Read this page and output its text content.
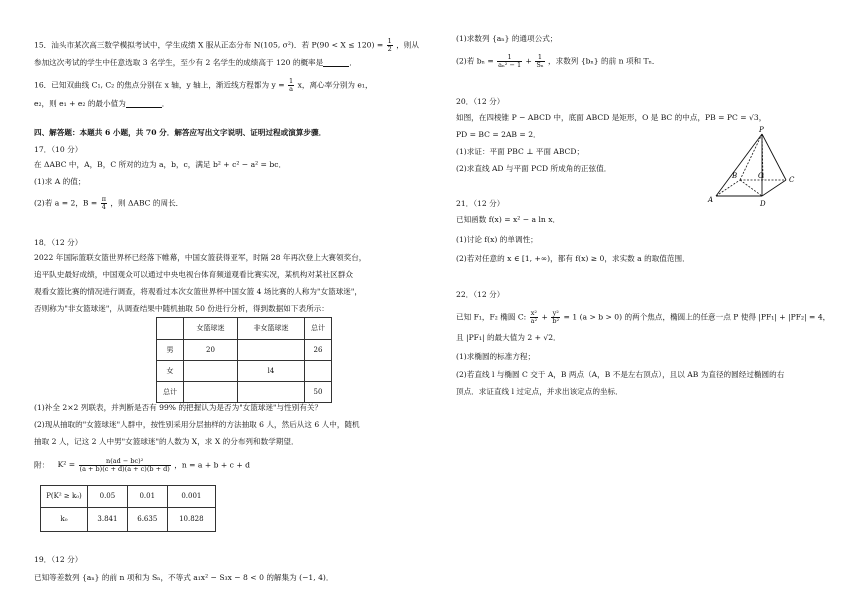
15．汕头市某次高三数学模拟考试中，学生成绩 X 服从正态分布 N(105, σ²)．若 $P(90 < X \le 120) = \frac{1}{2}$ ，则从
参加这次考试的学生中任意选取 3 名学生，至少有 2 名学生的成绩高于 120 的概率是	．
16．已知双曲线 C₁, C₂ 的焦点分别在 x 轴，y 轴上，渐近线方程都为 $y = \frac{1}{a}$ x，离心率分别为 e₁，
e₂，则 e₁ + e₂ 的最小值为	．
四、解答题：本题共 6 小题，共 70 分．解答应写出文字说明、证明过程或演算步骤．
17．（10 分）
在 ΔABC 中，A，B，C 所对的边为 a，b，c，满足 b² + c² − a² = bc．
(1)求 A 的值；
(2)若 a = 2，$B = \frac{\pi}{4}$ ，则 ΔABC 的周长．
18．（12 分）
2022 年国际篮联女篮世界杯已经落下帷幕，中国女篮获得亚军，时隔 28 年再次登上大赛领奖台，
追平队史最好成绩，中国观众可以通过中央电视台体育频道观看比赛实况，某机构对某社区群众
观看女篮比赛的情况进行调查，将观看过本次女篮世界杯中国女篮 4 场比赛的人称为"女篮球迷"，
否则称为"非女篮球迷"，从调查结果中随机抽取 50 份进行分析，得到数据如下表所示：
	女篮球迷	非女篮球迷	总计
男	20		26
女		l4	
总计			50
(1)补全 2×2 列联表，并判断是否有 99% 的把握认为是否为"女篮球迷"与性别有关？
(2)现从抽取的"女篮球迷"人群中，按性别采用分层抽样的方法抽取 6 人，然后从这 6 人中，随机
抽取 2 人，记这 2 人中男"女篮球迷"的人数为 X，求 X 的分布列和数学期望．
附： $K^2 = \frac{\text{n(ad − bc)²}}{(a + b)(c + d)(a + c)(b + d)}$ ，n = a + b + c + d
P(K² ≥ k₀)	0.05	0.01	0.001
k₀	3.841	6.635	10.828
19．（12 分）
已知等差数列 {aₙ} 的前 n 项和为 Sₙ，不等式 a₁x² − S₃x − 8 < 0 的解集为 (−1, 4)．
(1)求数列 {aₙ} 的通项公式；
(2)若 $b_n = \frac{1}{\text{aₙ² − 1}} + \frac{1}{\text{Sₙ}}$ ，求数列 {bₙ} 的前 n 项和 Tₙ．
20．（12 分）
如图，在四棱锥 P − ABCD 中，底面 ABCD 是矩形，O 是 BC 的中点，PB = PC = √3，
PD = BC = 2AB = 2．
(1)求证：平面 PBC ⊥ 平面 ABCD；
(2)求直线 AD 与平面 PCD 所成角的正弦值．
P
A
B	C
D
O
21．（12 分）
已知函数 f(x) = x² − a ln x．
(1)讨论 f(x) 的单调性；
(2)若对任意的 x ∈ [1, +∞)，都有 f(x) ≥ 0，求实数 a 的取值范围．
22．（12 分）
已知 F₁，F₂ 椭圆 C: $\frac{\text{x²}}{\text{a²}} + \frac{\text{y²}}{\text{b²}} = 1$ (a > b > 0) 的两个焦点，椭圆上的任意一点 P 使得 |PF₁| + |PF₂| = 4，
且 |PF₁| 的最大值为 2 + √2．
(1)求椭圆的标准方程；
(2)若直线 l 与椭圆 C 交于 A，B 两点（A，B 不是左右顶点），且以 AB 为直径的圆经过椭圆的右
顶点．求证直线 l 过定点，并求出该定点的坐标．
